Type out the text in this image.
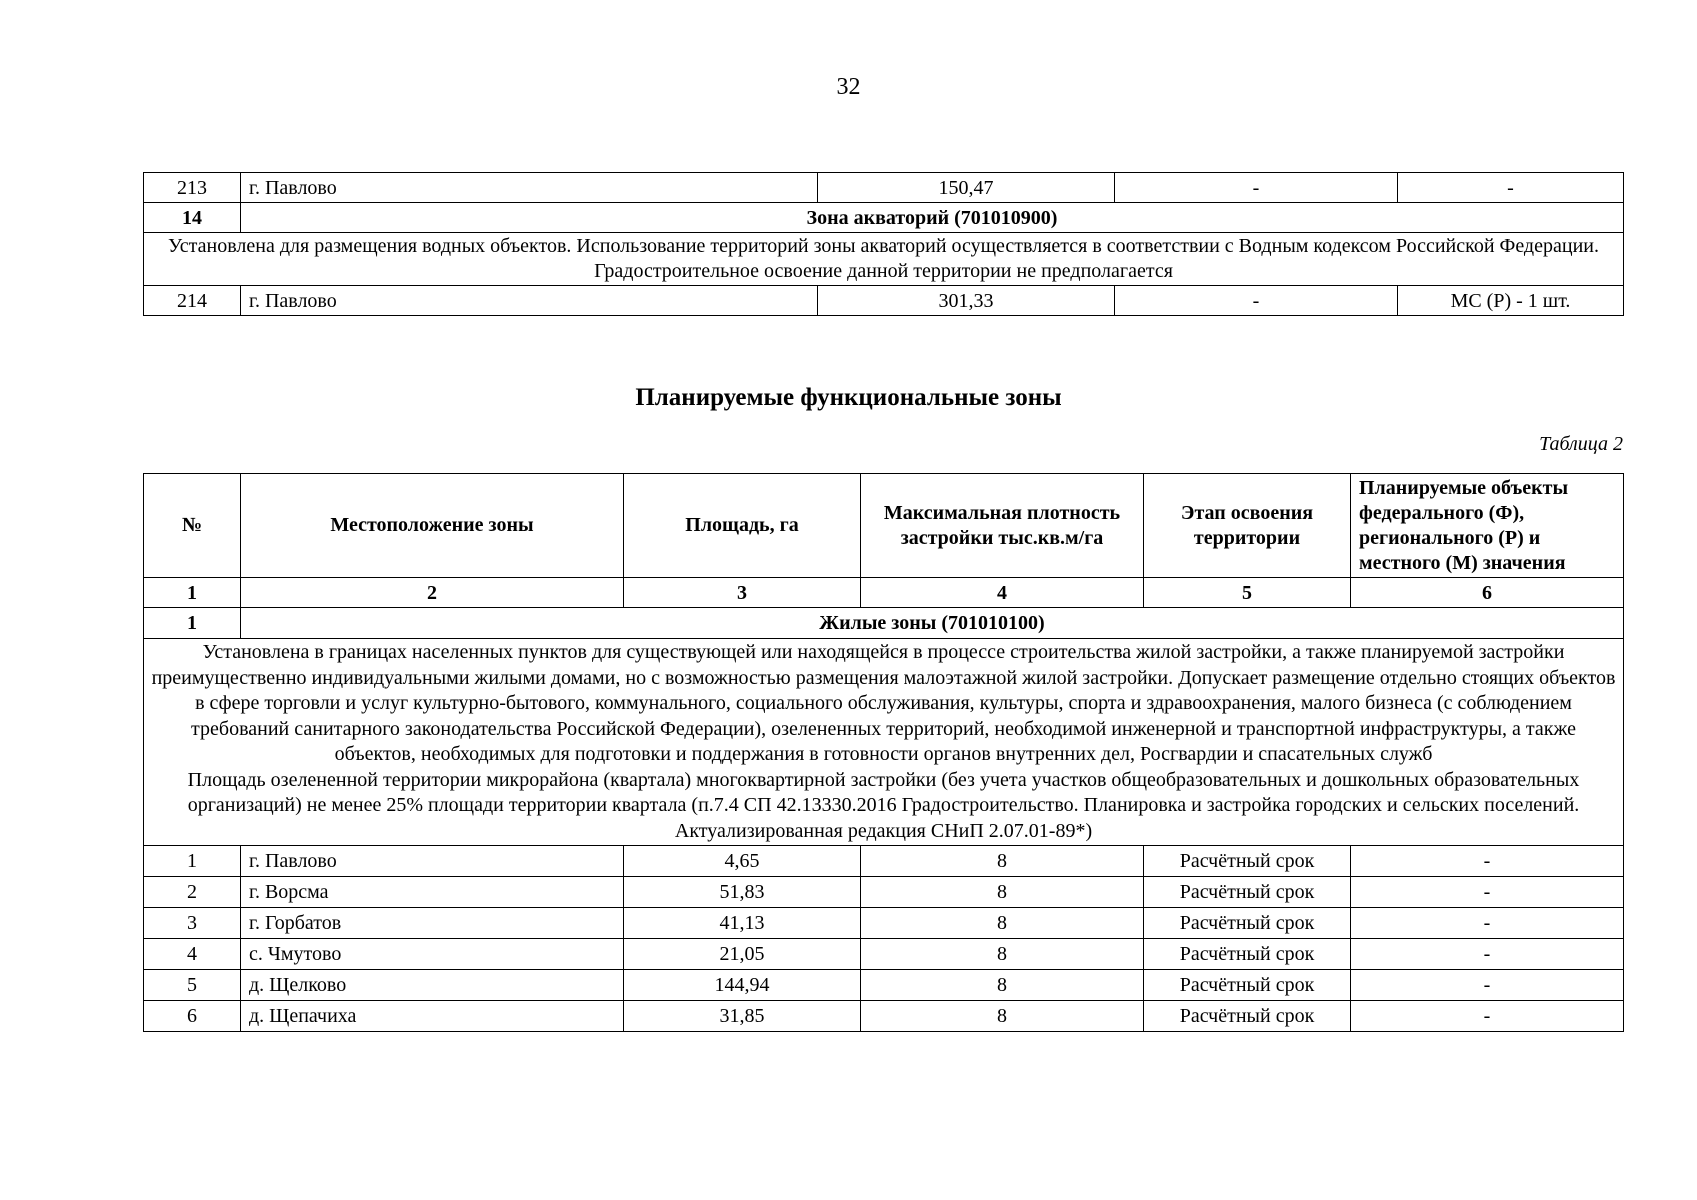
32
213	г. Павлово	150,47	-	-
14	Зона акваторий (701010900)			
Установлена для размещения водных объектов. Использование территорий зоны акваторий осуществляется в соответствии с Водным кодексом Российской Федерации. Градостроительное освоение данной территории не предполагается				
214	г. Павлово	301,33	-	МС (Р) - 1 шт.
Планируемые функциональные зоны
Таблица 2
№	Местоположение зоны	Площадь, га	Максимальная плотность застройки тыс.кв.м/га	Этап освоения территории	Планируемые объекты федерального (Ф), регионального (Р) и местного (М) значения
1	2	3	4	5	6
1	Жилые зоны (701010100)				

Установлена в границах населенных пунктов для существующей или находящейся в процессе строительства жилой застройки, а также планируемой застройки преимущественно индивидуальными жилыми домами, но с возможностью размещения малоэтажной жилой застройки. Допускает размещение отдельно стоящих объектов в сфере торговли и услуг культурно-бытового, коммунального, социального обслуживания, культуры, спорта и здравоохранения, малого бизнеса (с соблюдением требований санитарного законодательства Российской Федерации), озелененных территорий, необходимой инженерной и транспортной инфраструктуры, а также объектов, необходимых для подготовки и поддержания в готовности органов внутренних дел, Росгвардии и спасательных служб

Площадь озелененной территории микрорайона (квартала) многоквартирной застройки (без учета участков общеобразовательных и дошкольных образовательных организаций) не менее 25% площади территории квартала (п.7.4 СП 42.13330.2016 Градостроительство. Планировка и застройка городских и сельских поселений. Актуализированная редакция СНиП 2.07.01-89*)					

1	г. Павлово	4,65	8	Расчётный срок	-
2	г. Ворсма	51,83	8	Расчётный срок	-
3	г. Горбатов	41,13	8	Расчётный срок	-
4	с. Чмутово	21,05	8	Расчётный срок	-
5	д. Щелково	144,94	8	Расчётный срок	-
6	д. Щепачиха	31,85	8	Расчётный срок	-
